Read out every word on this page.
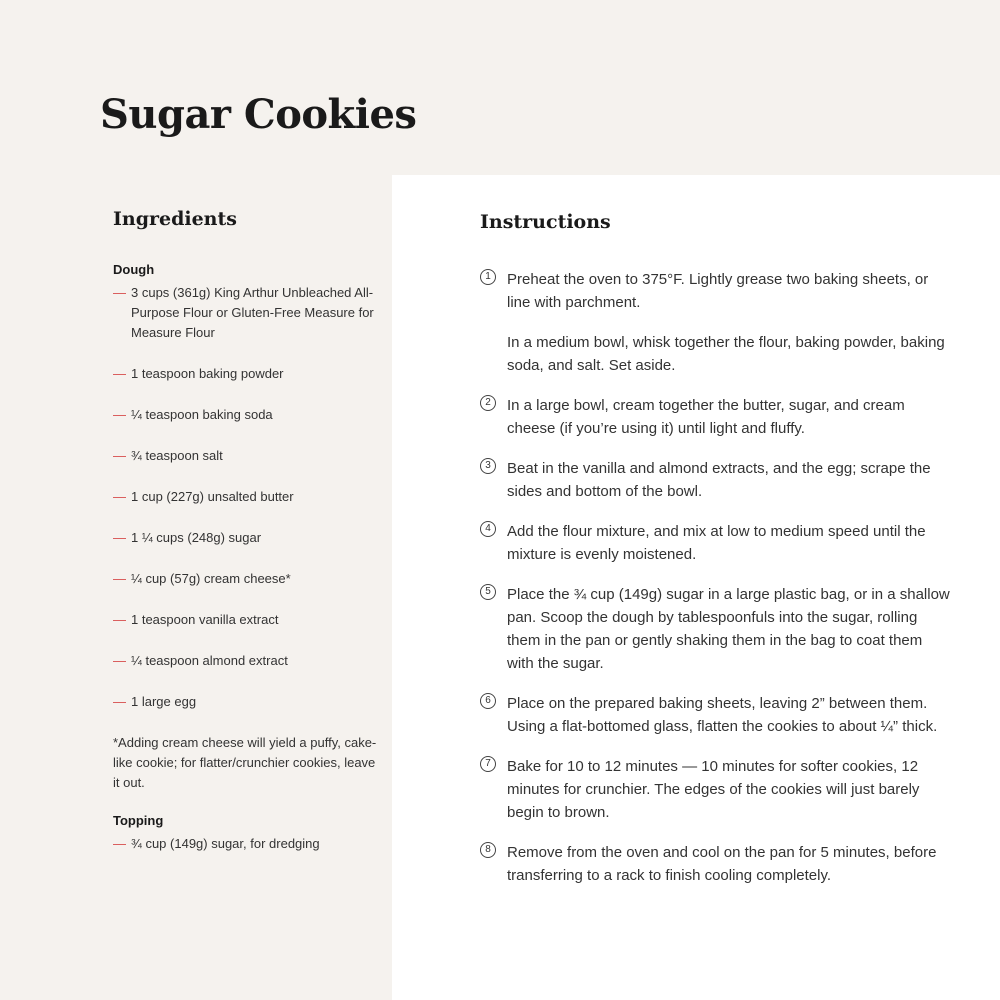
Sugar Cookies
Ingredients
Dough
— 3 cups (361g) King Arthur Unbleached All-Purpose Flour or Gluten-Free Measure for Measure Flour
— 1 teaspoon baking powder
— ¼ teaspoon baking soda
— ¾ teaspoon salt
— 1 cup (227g) unsalted butter
— 1 ¼ cups (248g) sugar
— ¼ cup (57g) cream cheese*
— 1 teaspoon vanilla extract
— ¼ teaspoon almond extract
— 1 large egg

*Adding cream cheese will yield a puffy, cake-like cookie; for flatter/crunchier cookies, leave it out.

Topping
— ¾ cup (149g) sugar, for dredging
Instructions
1	Preheat the oven to 375°F. Lightly grease two baking sheets, or line with parchment.

In a medium bowl, whisk together the flour, baking powder, baking soda, and salt. Set aside.

2	In a large bowl, cream together the butter, sugar, and cream cheese (if you’re using it) until light and fluffy.

3	Beat in the vanilla and almond extracts, and the egg; scrape the sides and bottom of the bowl.

4	Add the flour mixture, and mix at low to medium speed until the mixture is evenly moistened.

5	Place the ¾ cup (149g) sugar in a large plastic bag, or in a shallow pan. Scoop the dough by tablespoonfuls into the sugar, rolling them in the pan or gently shaking them in the bag to coat them with the sugar.

6	Place on the prepared baking sheets, leaving 2” between them. Using a flat-bottomed glass, flatten the cookies to about ¼” thick.

7	Bake for 10 to 12 minutes — 10 minutes for softer cookies, 12 minutes for crunchier. The edges of the cookies will just barely begin to brown.

8	Remove from the oven and cool on the pan for 5 minutes, before transferring to a rack to finish cooling completely.
